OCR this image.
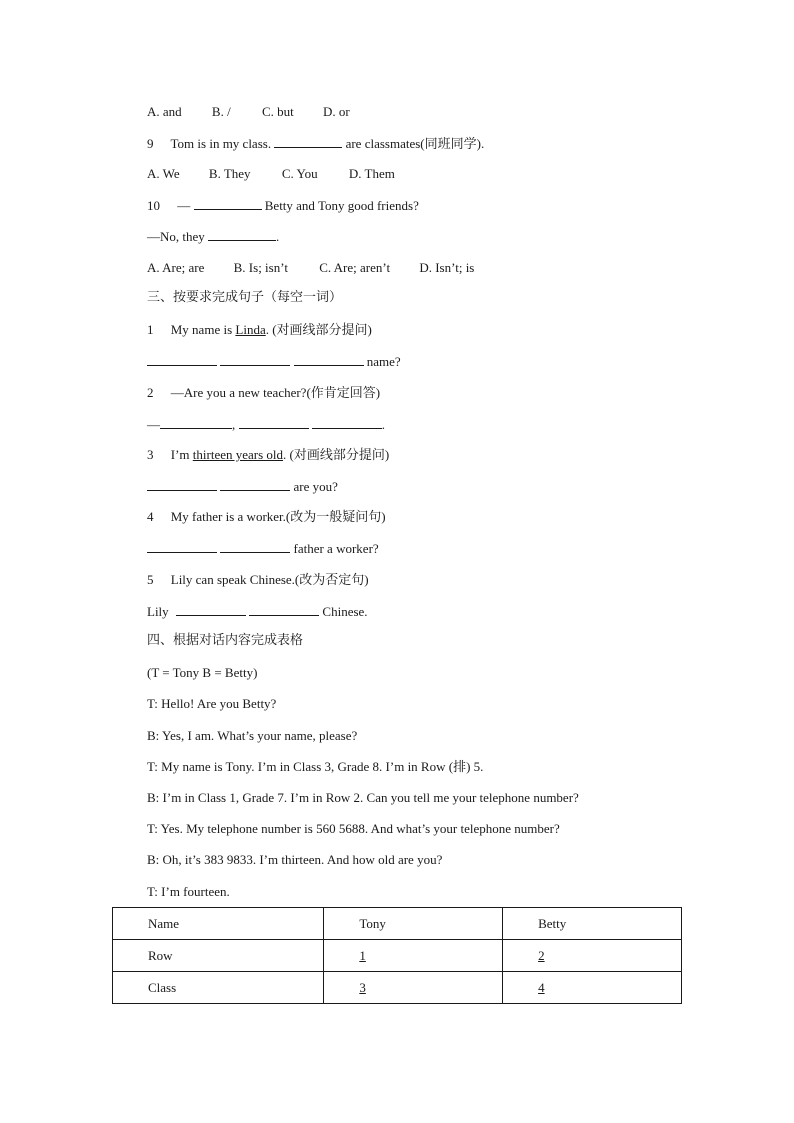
A. and B. / C. but D. or
9 Tom is in my class.	are classmates(同班同学).
A. We B. They C. You D. Them
10 —	Betty and Tony good friends?
—No, they	.
A. Are; are B. Is; isn’t C. Are; aren’t D. Isn’t; is
三、按要求完成句子（每空一词）
1 My name is Linda. (对画线部分提问)
name?
2 —Are you a new teacher?(作肯定回答)
—	,	.
3 I’m thirteen years old. (对画线部分提问)
are you?
4 My father is a worker.(改为一般疑问句)
father a worker?
5 Lily can speak Chinese.(改为否定句)
Lily	Chinese.
四、根据对话内容完成表格
(T = Tony B = Betty)
T: Hello! Are you Betty?
B: Yes, I am. What’s your name, please?
T: My name is Tony. I’m in Class 3, Grade 8. I’m in Row (排) 5.
B: I’m in Class 1, Grade 7. I’m in Row 2. Can you tell me your telephone number?
T: Yes. My telephone number is 560 5688. And what’s your telephone number?
B: Oh, it’s 383 9833. I’m thirteen. And how old are you?
T: I’m fourteen.
Name	Tony	Betty
Row	1	2
Class	3	4
